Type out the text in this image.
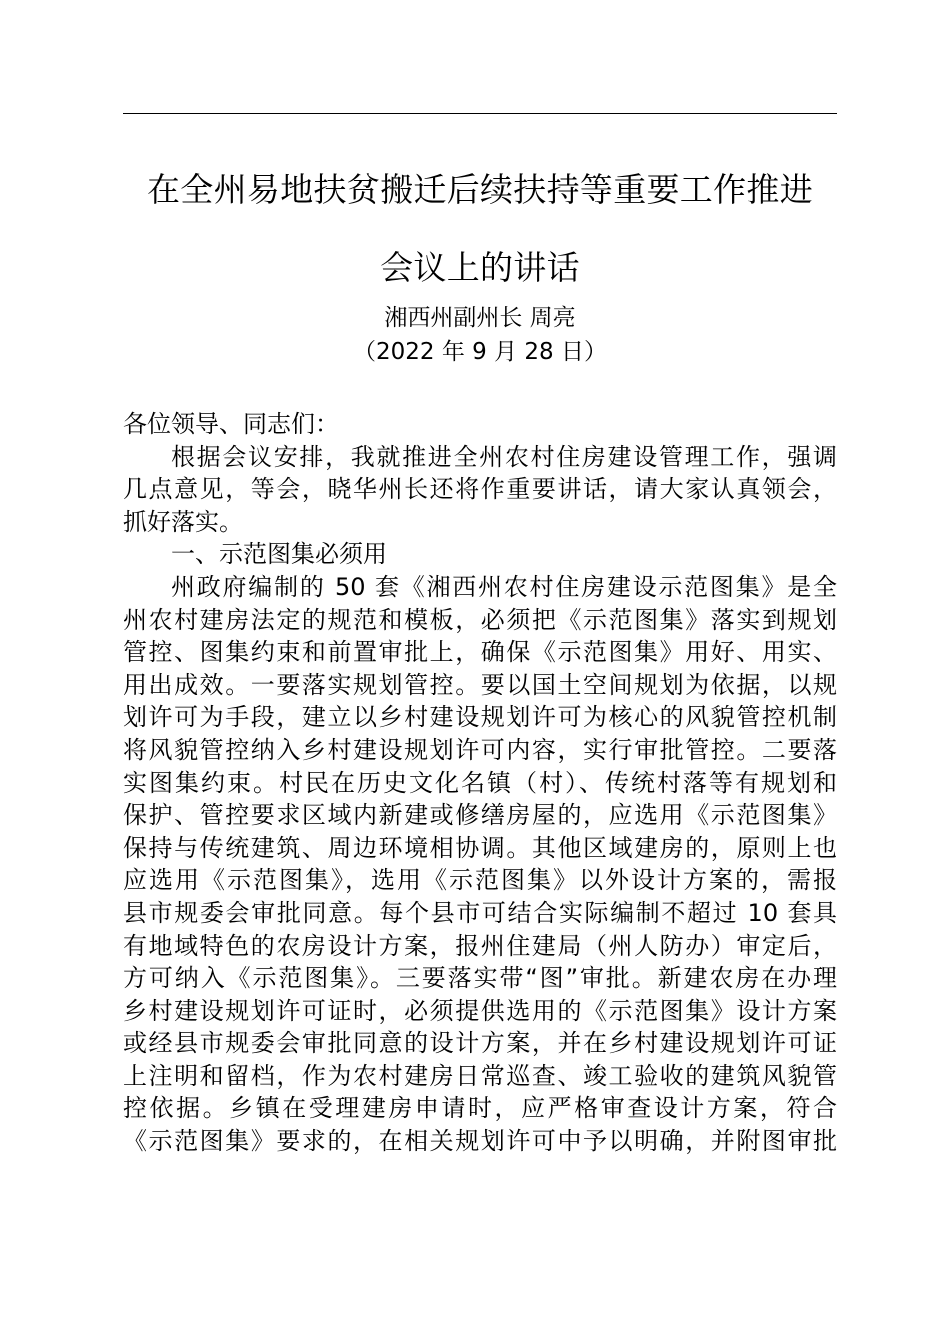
在全州易地扶贫搬迁后续扶持等重要工作推进
会议上的讲话
湘西州副州长 周亮
（2022 年 9 月 28 日）
各位领导、同志们：
根据会议安排，我就推进全州农村住房建设管理工作，强调
几点意见，等会，晓华州长还将作重要讲话，请大家认真领会，
抓好落实。
一、示范图集必须用
州政府编制的 50 套《湘西州农村住房建设示范图集》是全
州农村建房法定的规范和模板，必须把《示范图集》落实到规划
管控、图集约束和前置审批上，确保《示范图集》用好、用实、
用出成效。一要落实规划管控。要以国土空间规划为依据，以规
划许可为手段，建立以乡村建设规划许可为核心的风貌管控机制
将风貌管控纳入乡村建设规划许可内容，实行审批管控。二要落
实图集约束。村民在历史文化名镇（村）、传统村落等有规划和
保护、管控要求区域内新建或修缮房屋的，应选用《示范图集》
保持与传统建筑、周边环境相协调。其他区域建房的，原则上也
应选用《示范图集》，选用《示范图集》以外设计方案的，需报
县市规委会审批同意。每个县市可结合实际编制不超过 10 套具
有地域特色的农房设计方案，报州住建局（州人防办）审定后，
方可纳入《示范图集》。三要落实带“图”审批。新建农房在办理
乡村建设规划许可证时，必须提供选用的《示范图集》设计方案
或经县市规委会审批同意的设计方案，并在乡村建设规划许可证
上注明和留档，作为农村建房日常巡查、竣工验收的建筑风貌管
控依据。乡镇在受理建房申请时，应严格审查设计方案，符合
《示范图集》要求的，在相关规划许可中予以明确，并附图审批
